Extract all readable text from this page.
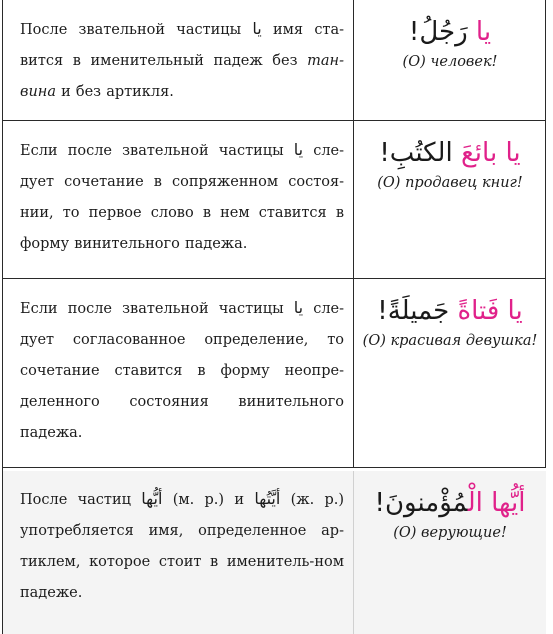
После звательной частицы يا имя ста-вится в именительный падеж без тан-вина и без артикля.
يا رَجُلُ!
(О) человек!
Если после звательной частицы يا сле-дует сочетание в сопряженном состоя-нии, то первое слово в нем ставится в форму винительного падежа.
يا بائعَ الكتُبِ!
(О) продавец книг!
Если после звательной частицы يا сле-дует согласованное определение, то сочетание ставится в форму неопре-деленного состояния винительного падежа.
يا فَتاةً جَميلَةً!
(О) красивая девушка!
После частиц أيُّها (м. р.) и أيَّتُها (ж. р.) употребляется имя, определенное ар-тиклем, которое стоит в именитель-ном падеже.
أيُّها الْمُؤْمنونَ!
(О) верующие!
